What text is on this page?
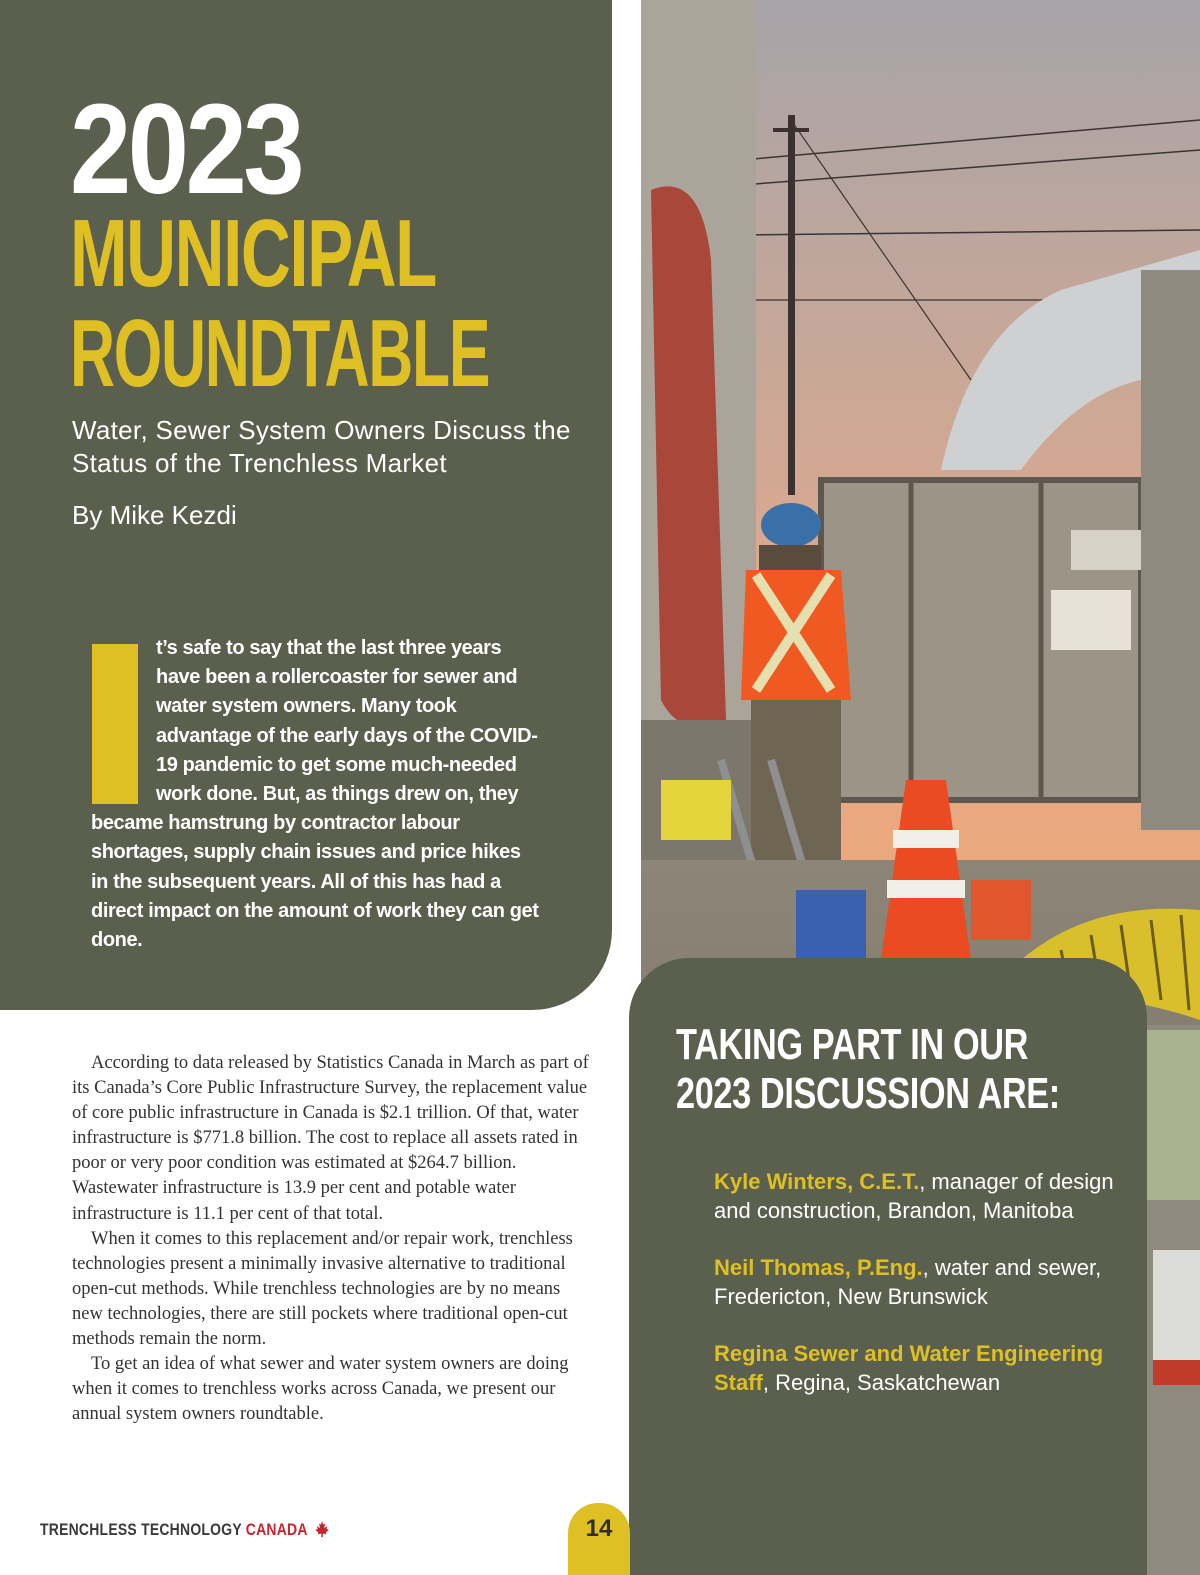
2023
MUNICIPAL
ROUNDTABLE
Water, Sewer System Owners Discuss the Status of the Trenchless Market
By Mike Kezdi
t’s safe to say that the last three years have been a rollercoaster for sewer and water system owners. Many took advantage of the early days of the COVID-19 pandemic to get some much-needed work done. But, as things drew on, they became hamstrung by contractor labour shortages, supply chain issues and price hikes in the subsequent years. All of this has had a direct impact on the amount of work they can get done.

According to data released by Statistics Canada in March as part of its Canada’s Core Public Infrastructure Survey, the replacement value of core public infrastructure in Canada is $2.1 trillion. Of that, water infrastructure is $771.8 billion. The cost to replace all assets rated in poor or very poor condition was estimated at $264.7 billion. Wastewater infrastructure is 13.9 per cent and potable water infrastructure is 11.1 per cent of that total.

When it comes to this replacement and/or repair work, trenchless technologies present a minimally invasive alternative to traditional open-cut methods. While trenchless technologies are by no means new technologies, there are still pockets where traditional open-cut methods remain the norm.

To get an idea of what sewer and water system owners are doing when it comes to trenchless works across Canada, we present our annual system owners roundtable.

TAKING PART IN OUR
2023 DISCUSSION ARE:
Kyle Winters, C.E.T., manager of design and construction, Brandon, Manitoba
Neil Thomas, P.Eng., water and sewer, Fredericton, New Brunswick
Regina Sewer and Water Engineering Staff, Regina, Saskatchewan
TRENCHLESS TECHNOLOGY CANADA	14
